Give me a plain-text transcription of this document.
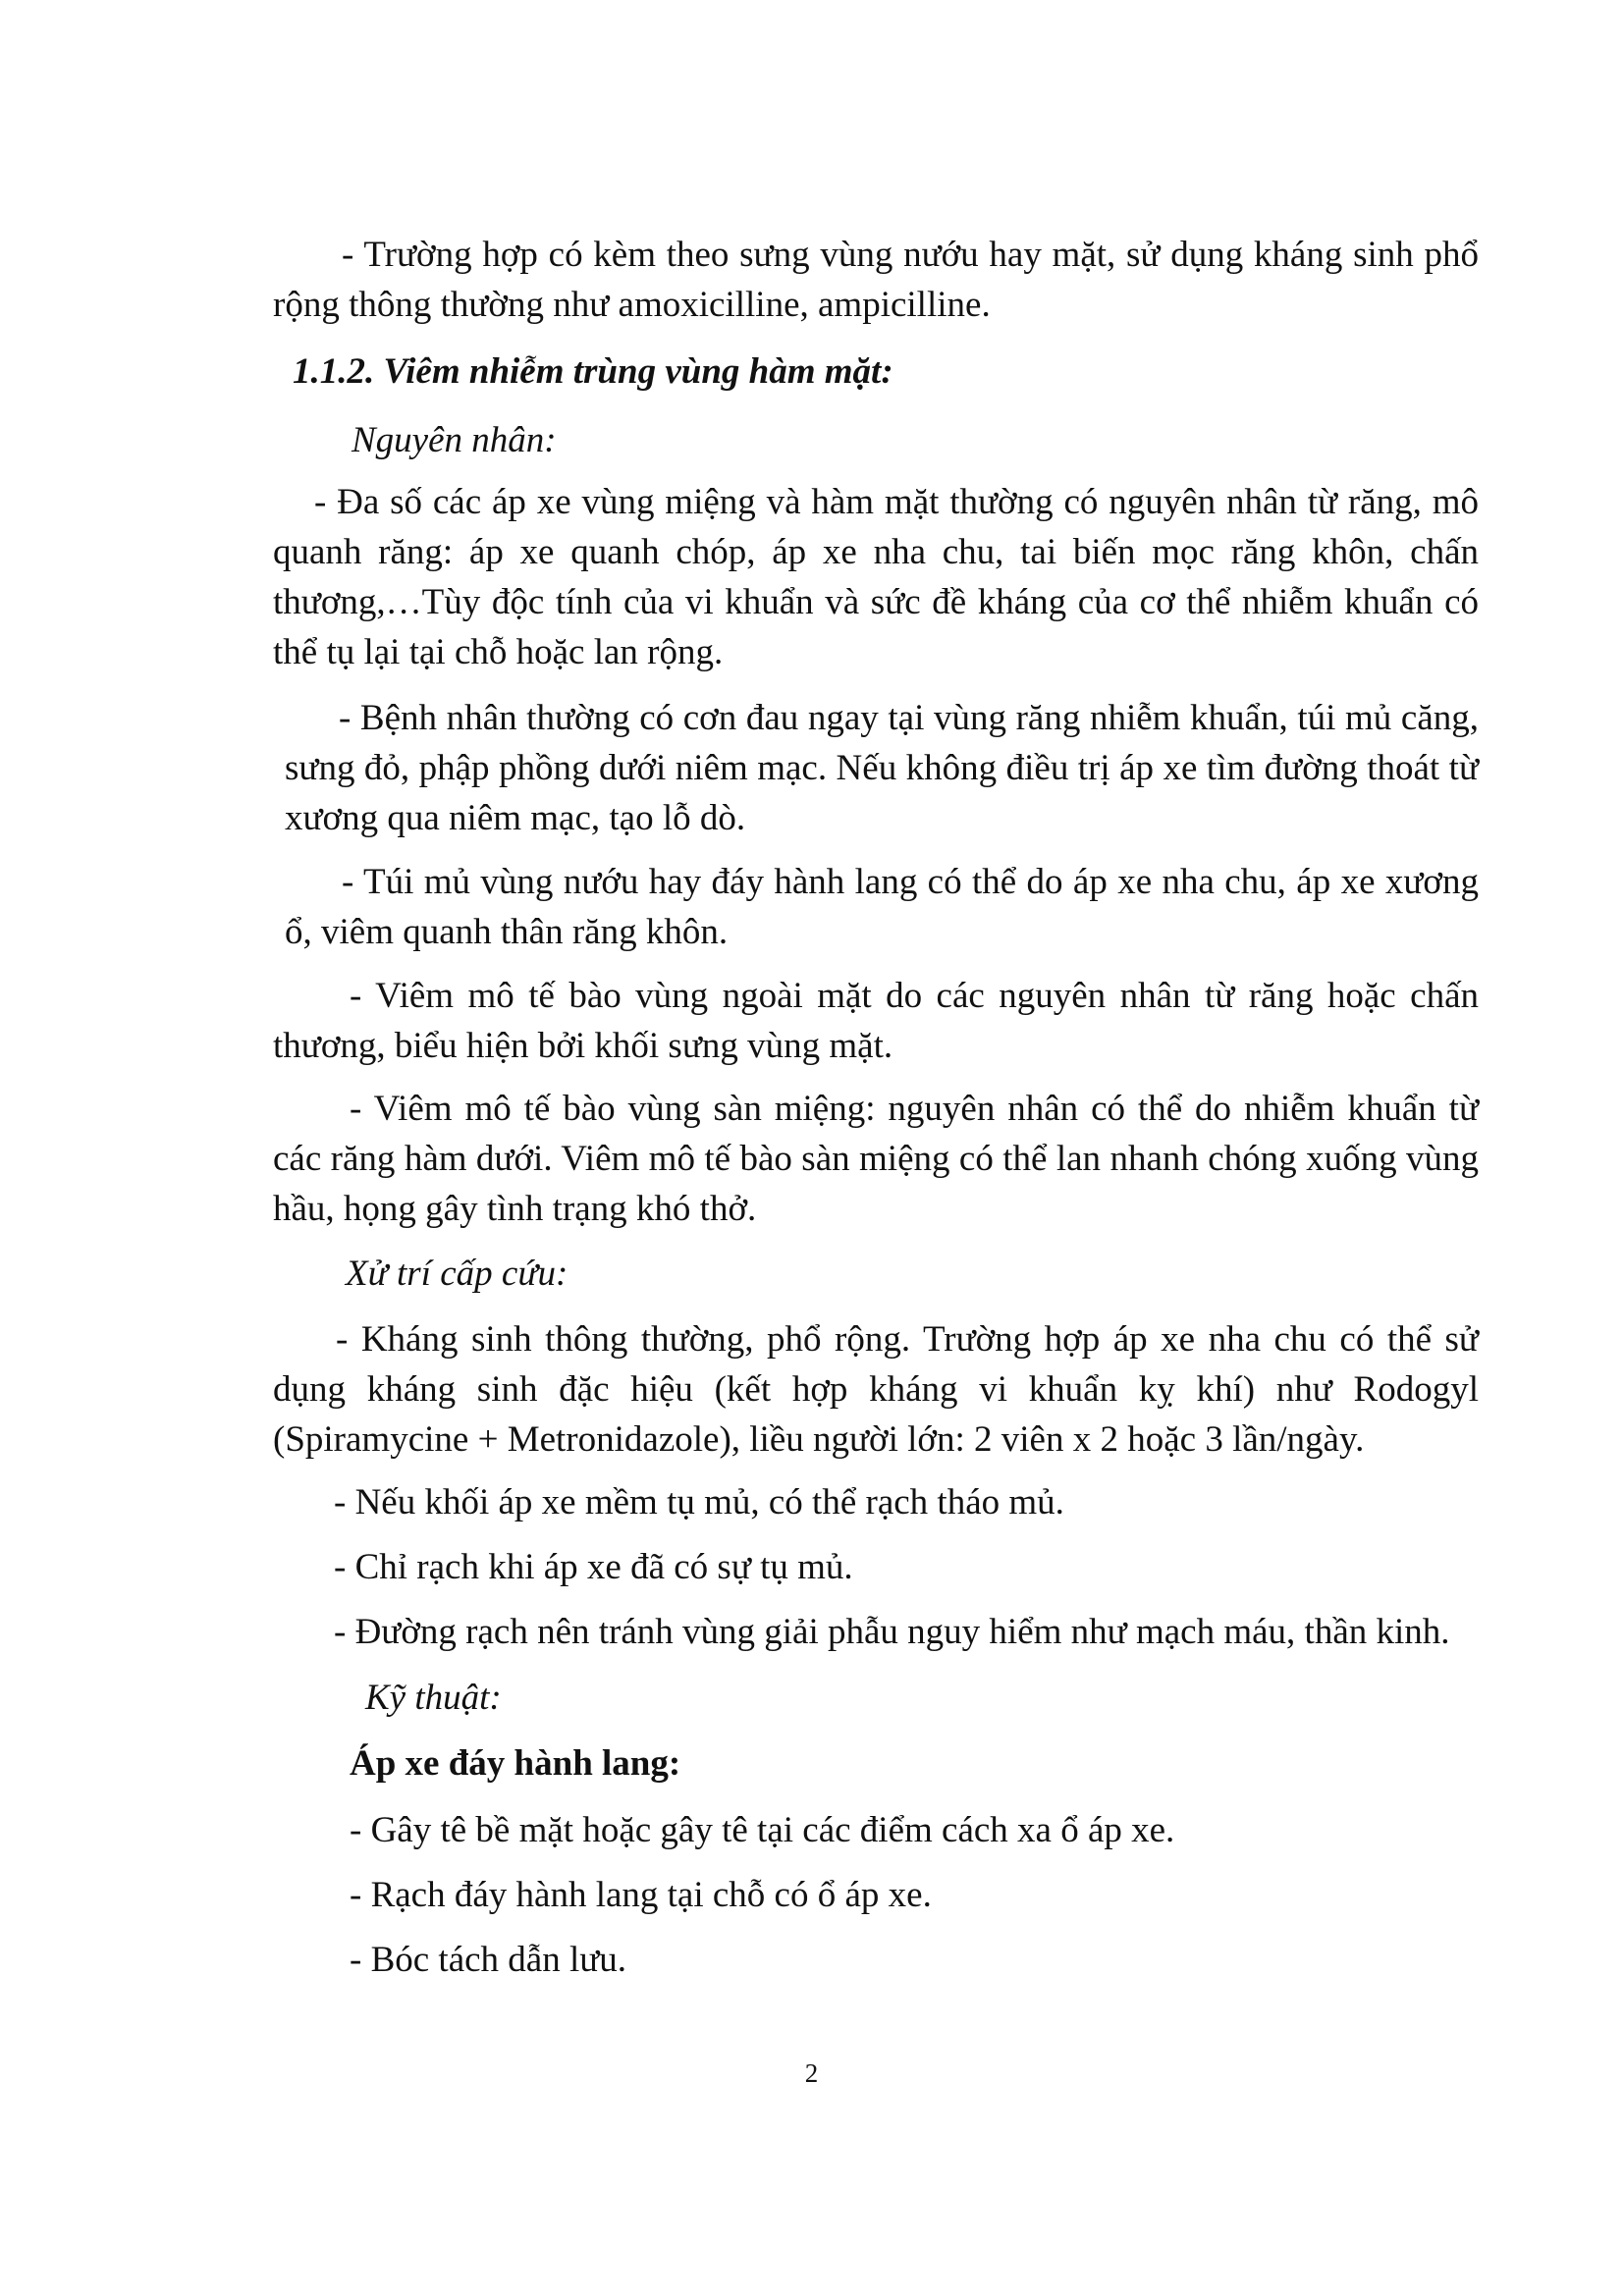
- Trường hợp có kèm theo sưng vùng nướu hay mặt, sử dụng kháng sinh phổ rộng thông thường như amoxicilline, ampicilline.

1.1.2. Viêm nhiễm trùng vùng hàm mặt:

Nguyên nhân:

- Đa số các áp xe vùng miệng và hàm mặt thường có nguyên nhân từ răng, mô quanh răng: áp xe quanh chóp, áp xe nha chu, tai biến mọc răng khôn, chấn thương,…Tùy độc tính của vi khuẩn và sức đề kháng của cơ thể nhiễm khuẩn có thể tụ lại tại chỗ hoặc lan rộng.

- Bệnh nhân thường có cơn đau ngay tại vùng răng nhiễm khuẩn, túi mủ căng, sưng đỏ, phập phồng dưới niêm mạc. Nếu không điều trị áp xe tìm đường thoát từ xương qua niêm mạc, tạo lỗ dò.

- Túi mủ vùng nướu hay đáy hành lang có thể do áp xe nha chu, áp xe xương ổ, viêm quanh thân răng khôn.

- Viêm mô tế bào vùng ngoài mặt do các nguyên nhân từ răng hoặc chấn thương, biểu hiện bởi khối sưng vùng mặt.

- Viêm mô tế bào vùng sàn miệng: nguyên nhân có thể do nhiễm khuẩn từ các răng hàm dưới. Viêm mô tế bào sàn miệng có thể lan nhanh chóng xuống vùng hầu, họng gây tình trạng khó thở.

Xử trí cấp cứu:

- Kháng sinh thông thường, phổ rộng. Trường hợp áp xe nha chu có thể sử dụng kháng sinh đặc hiệu (kết hợp kháng vi khuẩn kỵ khí) như Rodogyl (Spiramycine + Metronidazole), liều người lớn: 2 viên x 2 hoặc 3 lần/ngày.

- Nếu khối áp xe mềm tụ mủ, có thể rạch tháo mủ.

- Chỉ rạch khi áp xe đã có sự tụ mủ.

- Đường rạch nên tránh vùng giải phẫu nguy hiểm như mạch máu, thần kinh.

Kỹ thuật:

Áp xe đáy hành lang:

- Gây tê bề mặt hoặc gây tê tại các điểm cách xa ổ áp xe.

- Rạch đáy hành lang tại chỗ có ổ áp xe.

- Bóc tách dẫn lưu.

2
